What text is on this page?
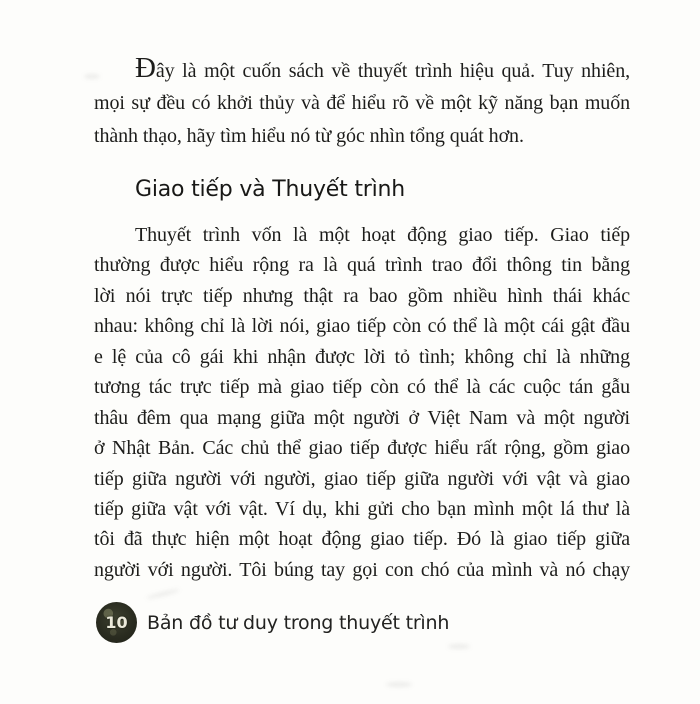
Đây là một cuốn sách về thuyết trình hiệu quả. Tuy nhiên,
mọi sự đều có khởi thủy và để hiểu rõ về một kỹ năng bạn muốn
thành thạo, hãy tìm hiểu nó từ góc nhìn tổng quát hơn.
Giao tiếp và Thuyết trình
Thuyết trình vốn là một hoạt động giao tiếp. Giao tiếp
thường được hiểu rộng ra là quá trình trao đổi thông tin bằng
lời nói trực tiếp nhưng thật ra bao gồm nhiều hình thái khác
nhau: không chỉ là lời nói, giao tiếp còn có thể là một cái gật đầu
e lệ của cô gái khi nhận được lời tỏ tình; không chỉ là những
tương tác trực tiếp mà giao tiếp còn có thể là các cuộc tán gẫu
thâu đêm qua mạng giữa một người ở Việt Nam và một người
ở Nhật Bản. Các chủ thể giao tiếp được hiểu rất rộng, gồm giao
tiếp giữa người với người, giao tiếp giữa người với vật và giao
tiếp giữa vật với vật. Ví dụ, khi gửi cho bạn mình một lá thư là
tôi đã thực hiện một hoạt động giao tiếp. Đó là giao tiếp giữa
người với người. Tôi búng tay gọi con chó của mình và nó chạy
10 Bản đồ tư duy trong thuyết trình
